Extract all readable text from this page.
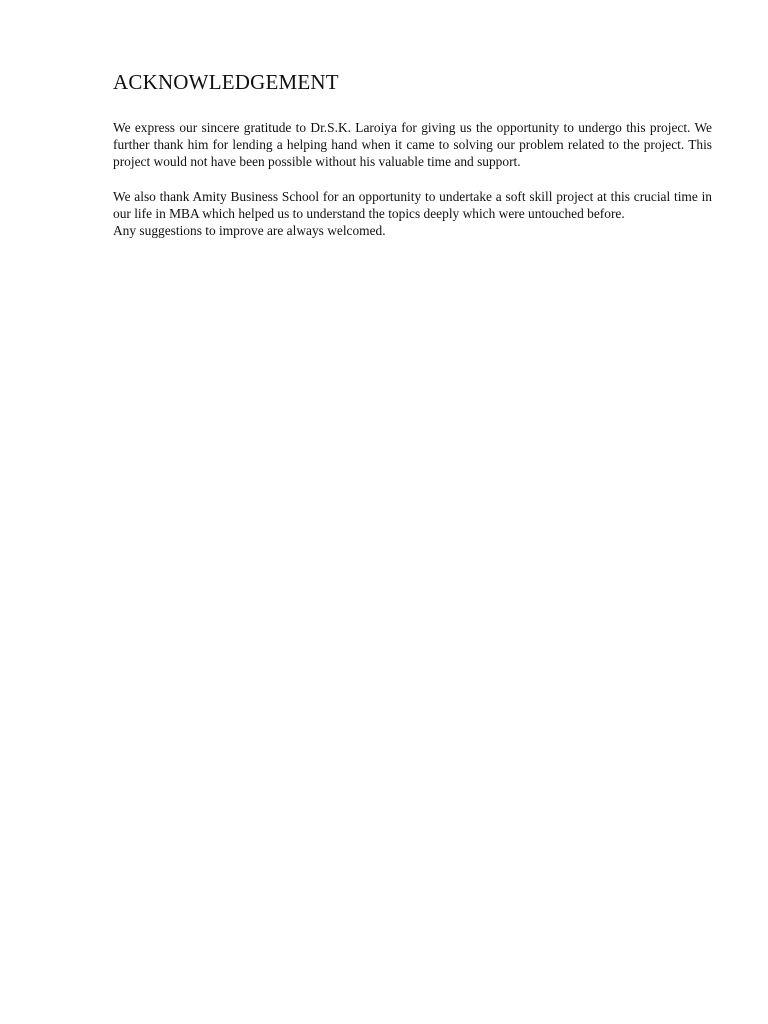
ACKNOWLEDGEMENT

We express our sincere gratitude to Dr.S.K. Laroiya for giving us the opportunity to undergo this project. We further thank him for lending a helping hand when it came to solving our problem related to the project. This project would not have been possible without his valuable time and support.

We also thank Amity Business School for an opportunity to undertake a soft skill project at this crucial time in our life in MBA which helped us to understand the topics deeply which were untouched before.

Any suggestions to improve are always welcomed.
